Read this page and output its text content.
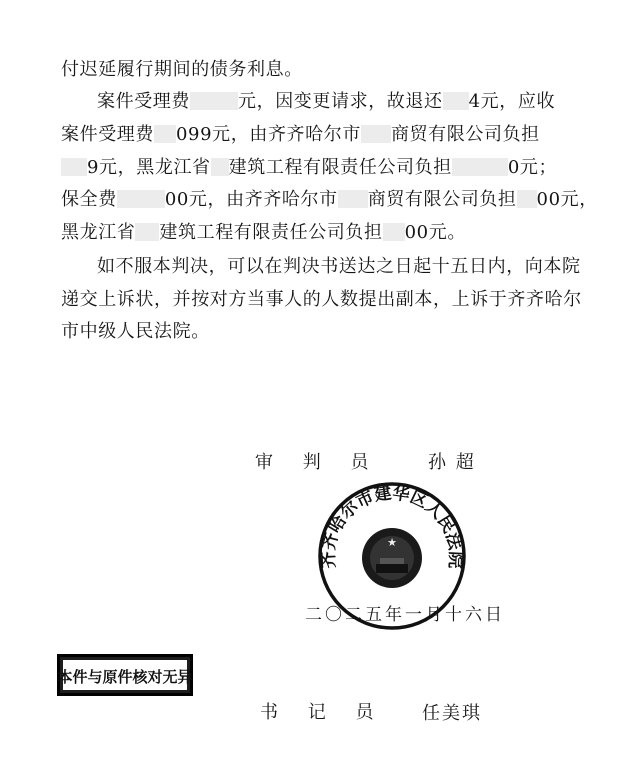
付迟延履行期间的债务利息。
案件受理费	元，因变更请求，故退还 4元，应收
案件受理费 099元，由齐齐哈尔市 商贸有限公司负担
9元，黑龙江省 建筑工程有限责任公司负担	0元；
保全费	00元，由齐齐哈尔市 商贸有限公司负担 00元，
黑龙江省 建筑工程有限责任公司负担 00元。
如不服本判决，可以在判决书送达之日起十五日内，向本院
递交上诉状，并按对方当事人的人数提出副本，上诉于齐齐哈尔
市中级人民法院。
审 判 员	孙 超
齐齐哈尔市建华区人民法院
★
二〇二五年一月十六日
本件与原件核对无异
书 记 员 任美琪
